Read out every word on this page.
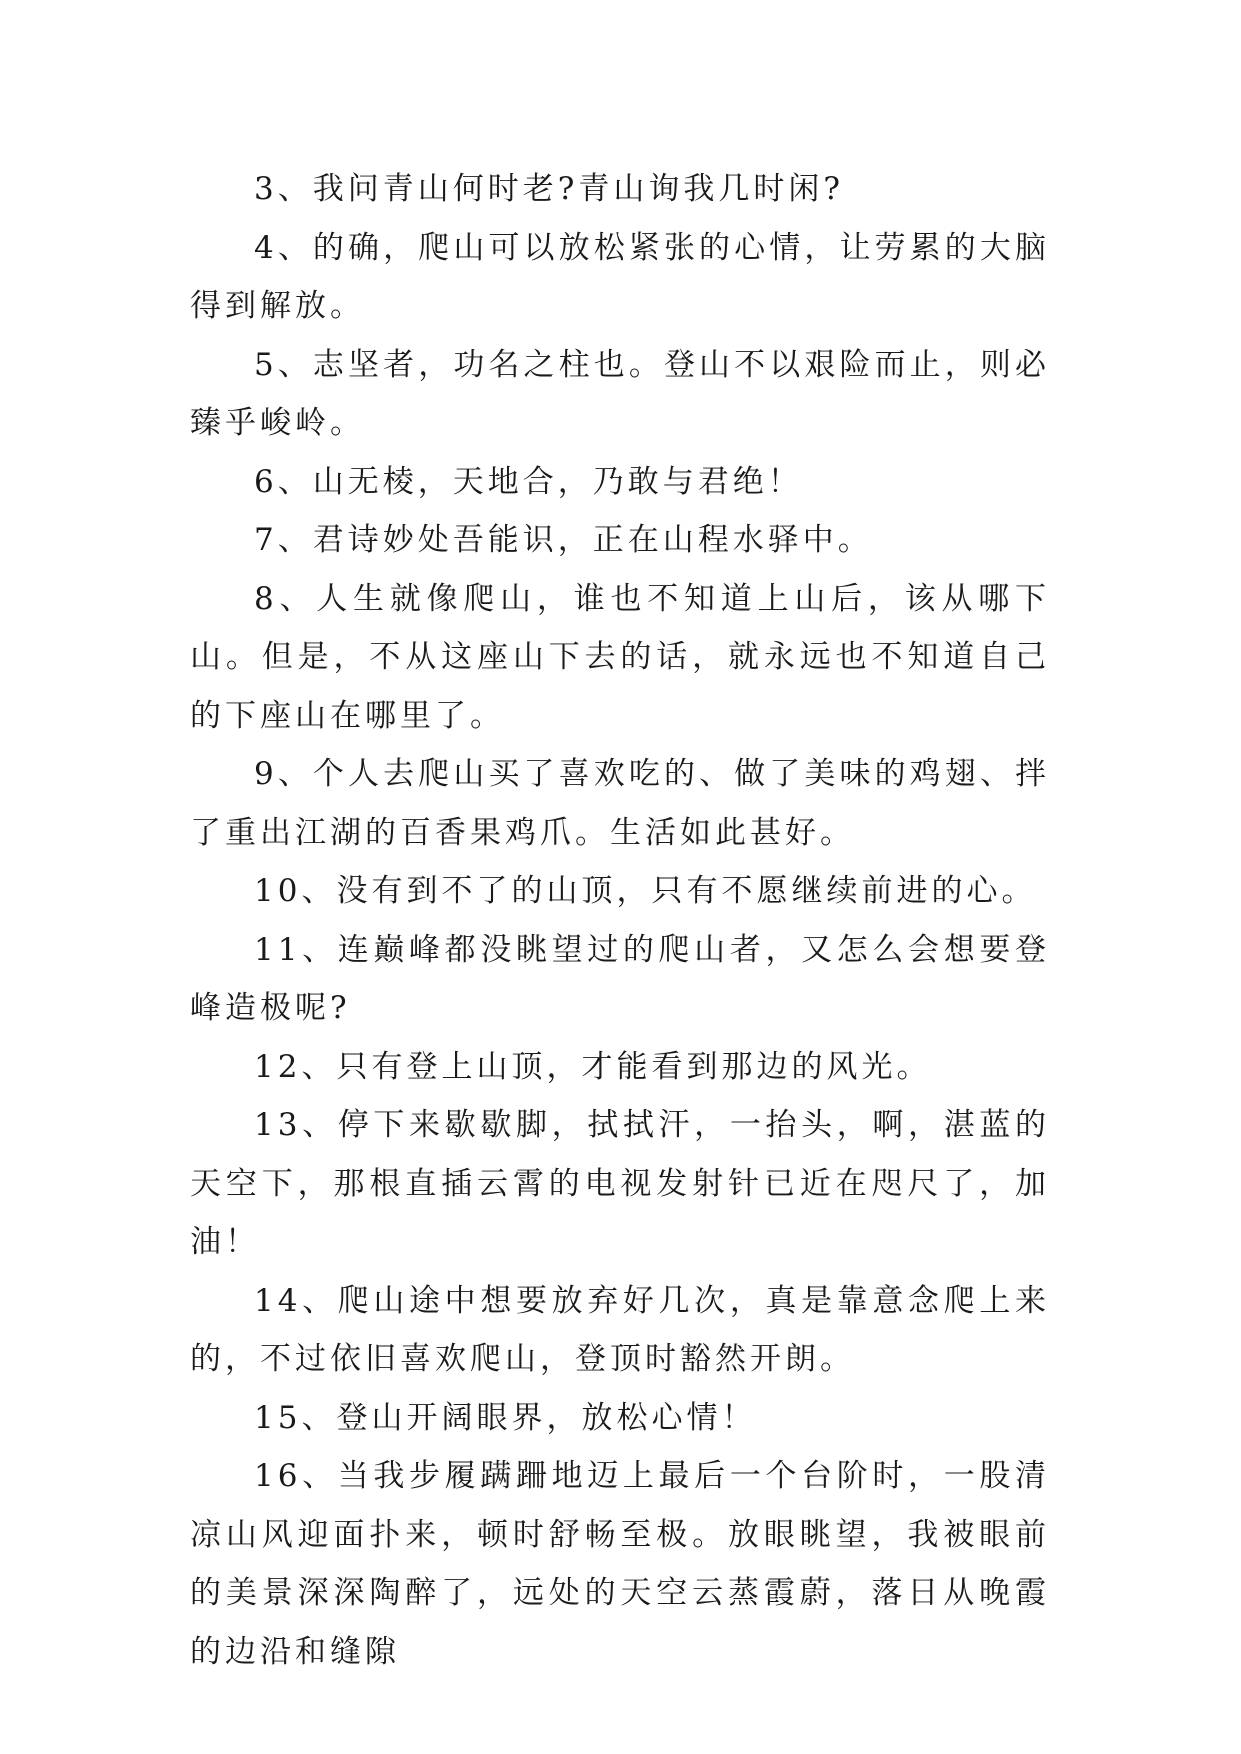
3、我问青山何时老?青山询我几时闲?

4、的确，爬山可以放松紧张的心情，让劳累的大脑得到解放。

5、志坚者，功名之柱也。登山不以艰险而止，则必臻乎峻岭。

6、山无棱，天地合，乃敢与君绝！

7、君诗妙处吾能识，正在山程水驿中。

8、人生就像爬山，谁也不知道上山后，该从哪下山。但是，不从这座山下去的话，就永远也不知道自己的下座山在哪里了。

9、个人去爬山买了喜欢吃的、做了美味的鸡翅、拌了重出江湖的百香果鸡爪。生活如此甚好。

10、没有到不了的山顶，只有不愿继续前进的心。

11、连巅峰都没眺望过的爬山者，又怎么会想要登峰造极呢?

12、只有登上山顶，才能看到那边的风光。

13、停下来歇歇脚，拭拭汗，一抬头，啊，湛蓝的天空下，那根直插云霄的电视发射针已近在咫尺了，加油！

14、爬山途中想要放弃好几次，真是靠意念爬上来的，不过依旧喜欢爬山，登顶时豁然开朗。

15、登山开阔眼界，放松心情！

16、当我步履蹒跚地迈上最后一个台阶时，一股清凉山风迎面扑来，顿时舒畅至极。放眼眺望，我被眼前的美景深深陶醉了，远处的天空云蒸霞蔚，落日从晚霞的边沿和缝隙
